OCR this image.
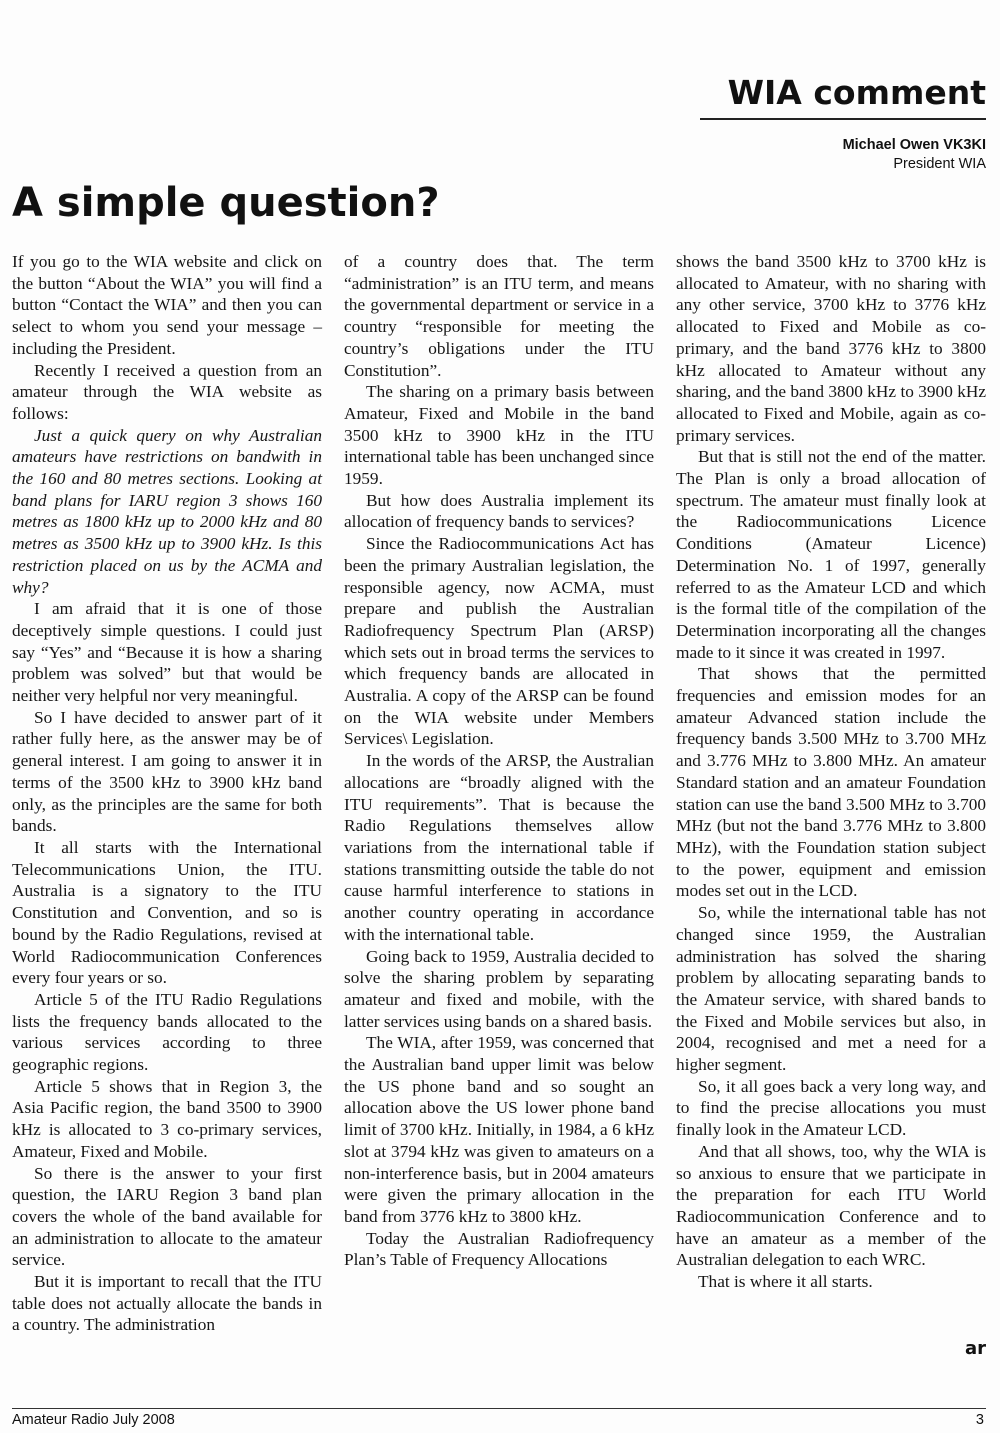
WIA comment
Michael Owen VK3KI
President WIA
A simple question?

If you go to the WIA website and click on the button “About the WIA” you will find a button “Contact the WIA” and then you can select to whom you send your message – including the President.

Recently I received a question from an amateur through the WIA website as follows:

Just a quick query on why Australian amateurs have restrictions on bandwith in the 160 and 80 metres sections. Looking at band plans for IARU region 3 shows 160 metres as 1800 kHz up to 2000 kHz and 80 metres as 3500 kHz up to 3900 kHz. Is this restriction placed on us by the ACMA and why?

I am afraid that it is one of those deceptively simple questions. I could just say “Yes” and “Because it is how a sharing problem was solved” but that would be neither very helpful nor very meaningful.

So I have decided to answer part of it rather fully here, as the answer may be of general interest. I am going to answer it in terms of the 3500 kHz to 3900 kHz band only, as the principles are the same for both bands.

It all starts with the International Telecommunications Union, the ITU. Australia is a signatory to the ITU Constitution and Convention, and so is bound by the Radio Regulations, revised at World Radiocommunication Conferences every four years or so.

Article 5 of the ITU Radio Regulations lists the frequency bands allocated to the various services according to three geographic regions.

Article 5 shows that in Region 3, the Asia Pacific region, the band 3500 to 3900 kHz is allocated to 3 co-primary services, Amateur, Fixed and Mobile.

So there is the answer to your first question, the IARU Region 3 band plan covers the whole of the band available for an administration to allocate to the amateur service.

But it is important to recall that the ITU table does not actually allocate the bands in a country. The administration

of a country does that. The term “administration” is an ITU term, and means the governmental department or service in a country “responsible for meeting the country’s obligations under the ITU Constitution”.

The sharing on a primary basis between Amateur, Fixed and Mobile in the band 3500 kHz to 3900 kHz in the ITU international table has been unchanged since 1959.

But how does Australia implement its allocation of frequency bands to services?

Since the Radiocommunications Act has been the primary Australian legislation, the responsible agency, now ACMA, must prepare and publish the Australian Radiofrequency Spectrum Plan (ARSP) which sets out in broad terms the services to which frequency bands are allocated in Australia. A copy of the ARSP can be found on the WIA website under Members Services\ Legislation.

In the words of the ARSP, the Australian allocations are “broadly aligned with the ITU requirements”. That is because the Radio Regulations themselves allow variations from the international table if stations transmitting outside the table do not cause harmful interference to stations in another country operating in accordance with the international table.

Going back to 1959, Australia decided to solve the sharing problem by separating amateur and fixed and mobile, with the latter services using bands on a shared basis.

The WIA, after 1959, was concerned that the Australian band upper limit was below the US phone band and so sought an allocation above the US lower phone band limit of 3700 kHz. Initially, in 1984, a 6 kHz slot at 3794 kHz was given to amateurs on a non-interference basis, but in 2004 amateurs were given the primary allocation in the band from 3776 kHz to 3800 kHz.

Today the Australian Radiofrequency Plan’s Table of Frequency Allocations

shows the band 3500 kHz to 3700 kHz is allocated to Amateur, with no sharing with any other service, 3700 kHz to 3776 kHz allocated to Fixed and Mobile as co-primary, and the band 3776 kHz to 3800 kHz allocated to Amateur without any sharing, and the band 3800 kHz to 3900 kHz allocated to Fixed and Mobile, again as co-primary services.

But that is still not the end of the matter. The Plan is only a broad allocation of spectrum. The amateur must finally look at the Radiocommunications Licence Conditions (Amateur Licence) Determination No. 1 of 1997, generally referred to as the Amateur LCD and which is the formal title of the compilation of the Determination incorporating all the changes made to it since it was created in 1997.

That shows that the permitted frequencies and emission modes for an amateur Advanced station include the frequency bands 3.500 MHz to 3.700 MHz and 3.776 MHz to 3.800 MHz. An amateur Standard station and an amateur Foundation station can use the band 3.500 MHz to 3.700 MHz (but not the band 3.776 MHz to 3.800 MHz), with the Foundation station subject to the power, equipment and emission modes set out in the LCD.

So, while the international table has not changed since 1959, the Australian administration has solved the sharing problem by allocating separating bands to the Amateur service, with shared bands to the Fixed and Mobile services but also, in 2004, recognised and met a need for a higher segment.

So, it all goes back a very long way, and to find the precise allocations you must finally look in the Amateur LCD.

And that all shows, too, why the WIA is so anxious to ensure that we participate in the preparation for each ITU World Radiocommunication Conference and to have an amateur as a member of the Australian delegation to each WRC.

That is where it all starts.

ar
Amateur Radio July 2008	3
